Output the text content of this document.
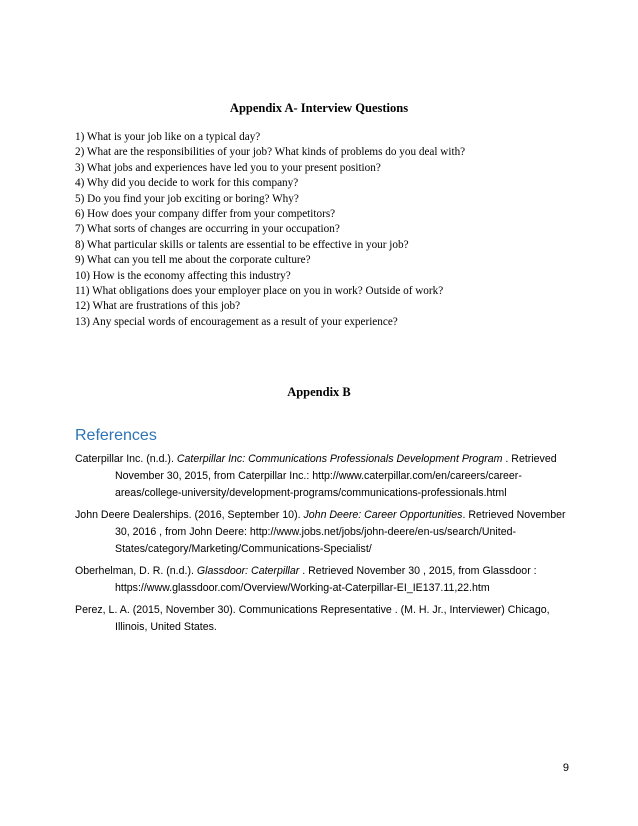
Appendix A- Interview Questions
1) What is your job like on a typical day?
2) What are the responsibilities of your job? What kinds of problems do you deal with?
3) What jobs and experiences have led you to your present position?
4) Why did you decide to work for this company?
5) Do you find your job exciting or boring? Why?
6) How does your company differ from your competitors?
7) What sorts of changes are occurring in your occupation?
8) What particular skills or talents are essential to be effective in your job?
9) What can you tell me about the corporate culture?
10) How is the economy affecting this industry?
11) What obligations does your employer place on you in work? Outside of work?
12) What are frustrations of this job?
13) Any special words of encouragement as a result of your experience?
Appendix B
References
Caterpillar Inc. (n.d.). Caterpillar Inc: Communications Professionals Development Program . Retrieved November 30, 2015, from Caterpillar Inc.: http://www.caterpillar.com/en/careers/career-areas/college-university/development-programs/communications-professionals.html
John Deere Dealerships. (2016, September 10). John Deere: Career Opportunities. Retrieved November 30, 2016 , from John Deere: http://www.jobs.net/jobs/john-deere/en-us/search/United-States/category/Marketing/Communications-Specialist/
Oberhelman, D. R. (n.d.). Glassdoor: Caterpillar . Retrieved November 30 , 2015, from Glassdoor : https://www.glassdoor.com/Overview/Working-at-Caterpillar-EI_IE137.11,22.htm
Perez, L. A. (2015, November 30). Communications Representative . (M. H. Jr., Interviewer) Chicago, Illinois, United States.
9
